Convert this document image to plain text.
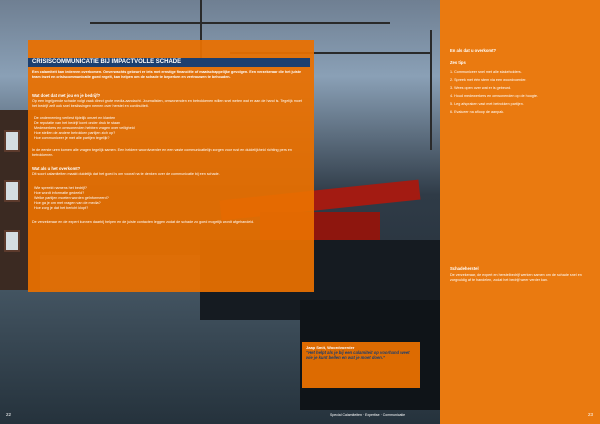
CRISISCOMMUNICATIE BIJ IMPACTVOLLE SCHADE
Een calamiteit kan iedereen overkomen. Onverwachts gebeurt er iets met ernstige financiële of maatschappelijke gevolgen. Een verzekeraar die het juiste team inzet en crisiscommunicatie goed regelt, kan helpen om de schade te beperken en vertrouwen te behouden.
Wat doet dat met jou en je bedrijf?
Op een ingrijpende schade volgt vaak direct grote media-aandacht. Journalisten, omwonenden en betrokkenen willen snel weten wat er aan de hand is. Tegelijk moet het bedrijf zelf ook snel beslissingen nemen over herstel en continuïteit.
De onderneming verliest tijdelijk omzet en klanten
De reputatie van het bedrijf komt onder druk te staan
Medewerkers en omwonenden hebben vragen over veiligheid
Hoe stellen de andere betrokken partijen zich op?
Hoe communiceer je met alle partijen tegelijk?
In de eerste uren komen alle vragen tegelijk samen. Een heldere woordvoerder en een vaste communicatielijn zorgen voor rust en duidelijkheid richting pers en betrokkenen.
Wat als u het overkomt?
Dit soort calamiteiten maakt duidelijk dat het goed is om vooraf na te denken over de communicatie bij een schade.
Wie spreekt namens het bedrijf?
Hoe wordt informatie gedeeld?
Welke partijen moeten worden geïnformeerd?
Hoe ga je om met vragen van de media?
Hoe zorg je dat het bericht klopt?
De verzekeraar en de expert kunnen daarbij helpen en de juiste contacten leggen zodat de schade zo goed mogelijk wordt afgehandeld.
Jaap Smit, Woordvoerder
“Het helpt als je bij een calamiteit op voorhand weet wie je kunt bellen en wat je moet doen.”
En als dat u overkomt?
Zes tips
1. Communiceer snel met alle stakeholders.
2. Spreek met één stem via een woordvoerder.
3. Wees open over wat er is gebeurd.
4. Houd medewerkers en omwonenden op de hoogte.
5. Leg afspraken vast met betrokken partijen.
6. Evalueer na afloop de aanpak.
Schadeherstel
De verzekeraar, de expert en herstelbedrijf werken samen om de schade snel en zorgvuldig af te handelen, zodat het bedrijf weer verder kan.
22	Special Calamiteiten · Expertise · Communicatie	23
